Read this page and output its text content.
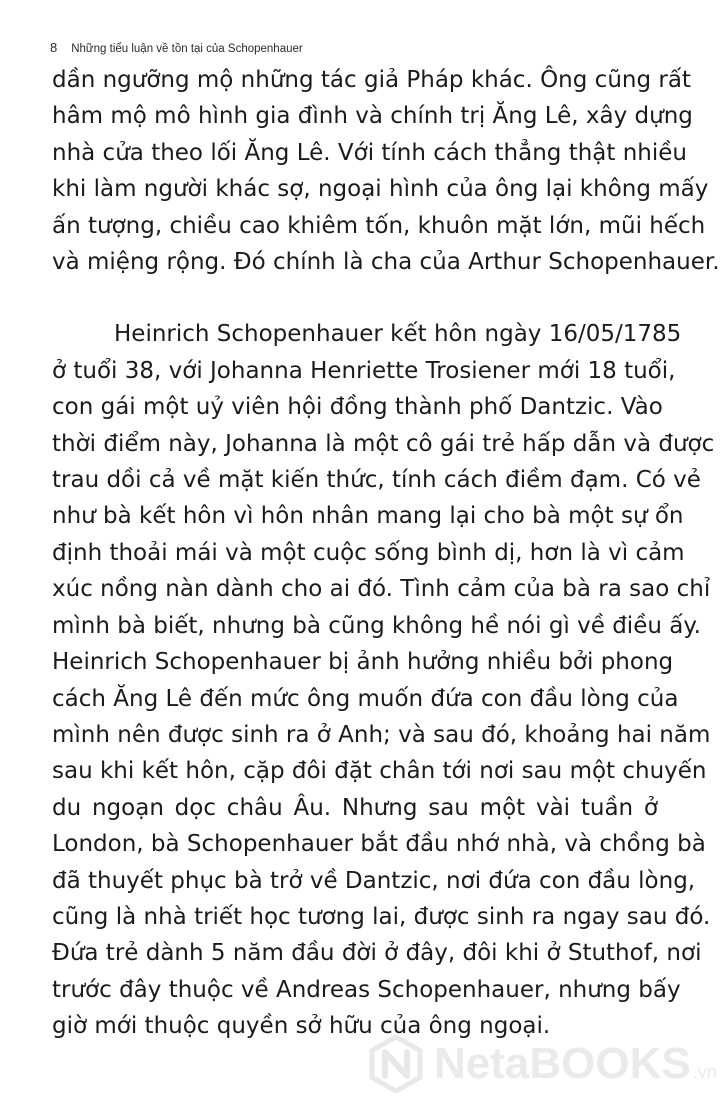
8 Những tiểu luận về tồn tại của Schopenhauer

dần ngưỡng mộ những tác giả Pháp khác. Ông cũng rất
hâm mộ mô hình gia đình và chính trị Ăng Lê, xây dựng
nhà cửa theo lối Ăng Lê. Với tính cách thẳng thật nhiều
khi làm người khác sợ, ngoại hình của ông lại không mấy
ấn tượng, chiều cao khiêm tốn, khuôn mặt lớn, mũi hếch
và miệng rộng. Đó chính là cha của Arthur Schopenhauer.

Heinrich Schopenhauer kết hôn ngày 16/05/1785
ở tuổi 38, với Johanna Henriette Trosiener mới 18 tuổi,
con gái một uỷ viên hội đồng thành phố Dantzic. Vào
thời điểm này, Johanna là một cô gái trẻ hấp dẫn và được
trau dồi cả về mặt kiến thức, tính cách điềm đạm. Có vẻ
như bà kết hôn vì hôn nhân mang lại cho bà một sự ổn
định thoải mái và một cuộc sống bình dị, hơn là vì cảm
xúc nồng nàn dành cho ai đó. Tình cảm của bà ra sao chỉ
mình bà biết, nhưng bà cũng không hề nói gì về điều ấy.
Heinrich Schopenhauer bị ảnh hưởng nhiều bởi phong
cách Ăng Lê đến mức ông muốn đứa con đầu lòng của
mình nên được sinh ra ở Anh; và sau đó, khoảng hai năm
sau khi kết hôn, cặp đôi đặt chân tới nơi sau một chuyến
du ngoạn dọc châu Âu. Nhưng sau một vài tuần ở
London, bà Schopenhauer bắt đầu nhớ nhà, và chồng bà
đã thuyết phục bà trở về Dantzic, nơi đứa con đầu lòng,
cũng là nhà triết học tương lai, được sinh ra ngay sau đó.
Đứa trẻ dành 5 năm đầu đời ở đây, đôi khi ở Stuthof, nơi
trước đây thuộc về Andreas Schopenhauer, nhưng bấy
giờ mới thuộc quyền sở hữu của ông ngoại.

NetaBOOKS .vn
